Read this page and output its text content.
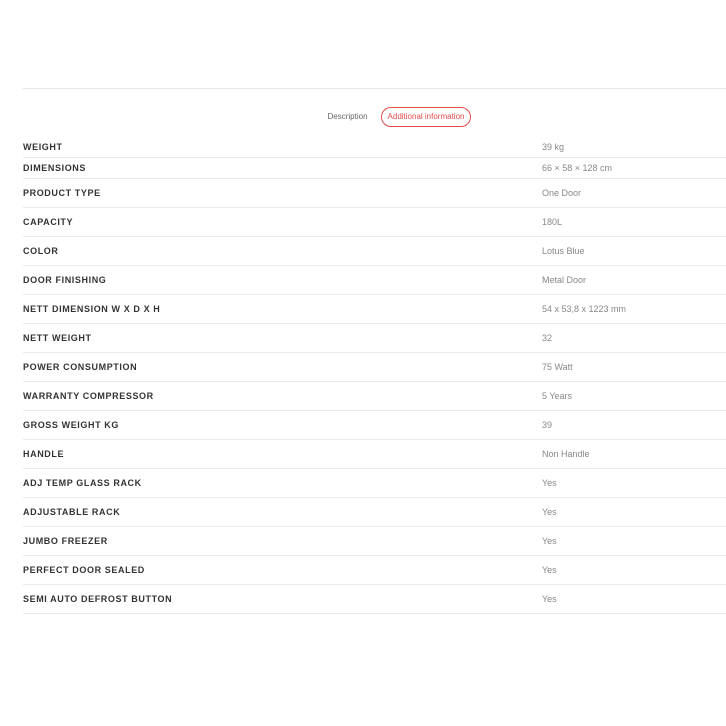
Description	Additional information
WEIGHT	39 kg
DIMENSIONS	66 × 58 × 128 cm
PRODUCT TYPE	One Door
CAPACITY	180L
COLOR	Lotus Blue
DOOR FINISHING	Metal Door
NETT DIMENSION W X D X H	54 x 53,8 x 1223 mm
NETT WEIGHT	32
POWER CONSUMPTION	75 Watt
WARRANTY COMPRESSOR	5 Years
GROSS WEIGHT KG	39
HANDLE	Non Handle
ADJ TEMP GLASS RACK	Yes
ADJUSTABLE RACK	Yes
JUMBO FREEZER	Yes
PERFECT DOOR SEALED	Yes
SEMI AUTO DEFROST BUTTON	Yes
